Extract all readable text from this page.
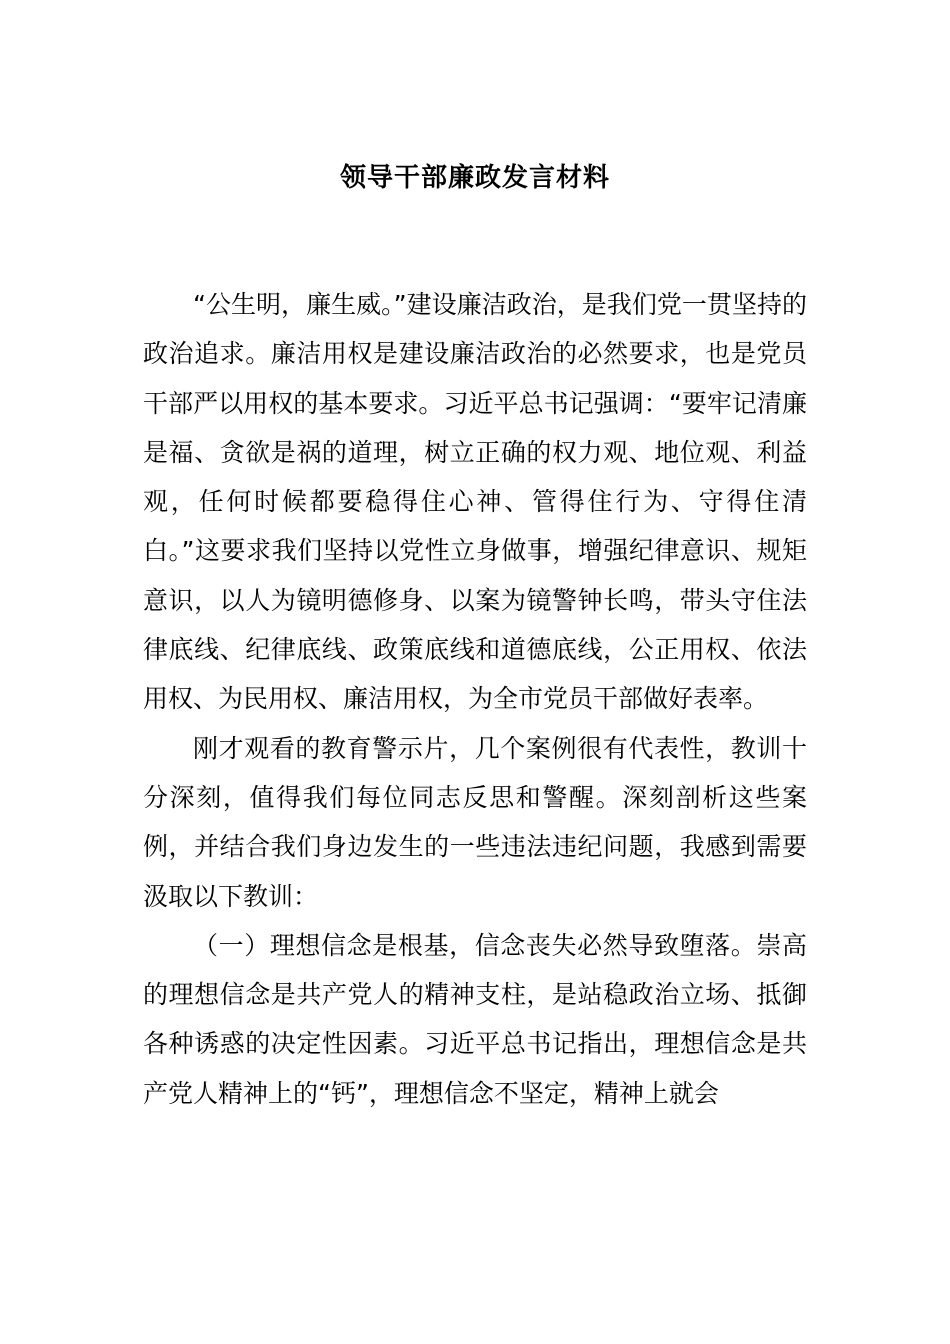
领导干部廉政发言材料

“公生明，廉生威。”建设廉洁政治，是我们党一贯坚持的政治追求。廉洁用权是建设廉洁政治的必然要求，也是党员干部严以用权的基本要求。习近平总书记强调：“要牢记清廉是福、贪欲是祸的道理，树立正确的权力观、地位观、利益观，任何时候都要稳得住心神、管得住行为、守得住清白。”这要求我们坚持以党性立身做事，增强纪律意识、规矩意识，以人为镜明德修身、以案为镜警钟长鸣，带头守住法律底线、纪律底线、政策底线和道德底线，公正用权、依法用权、为民用权、廉洁用权，为全市党员干部做好表率。

刚才观看的教育警示片，几个案例很有代表性，教训十分深刻，值得我们每位同志反思和警醒。深刻剖析这些案例，并结合我们身边发生的一些违法违纪问题，我感到需要汲取以下教训：

（一）理想信念是根基，信念丧失必然导致堕落。崇高的理想信念是共产党人的精神支柱，是站稳政治立场、抵御各种诱惑的决定性因素。习近平总书记指出，理想信念是共产党人精神上的“钙”，理想信念不坚定，精神上就会
